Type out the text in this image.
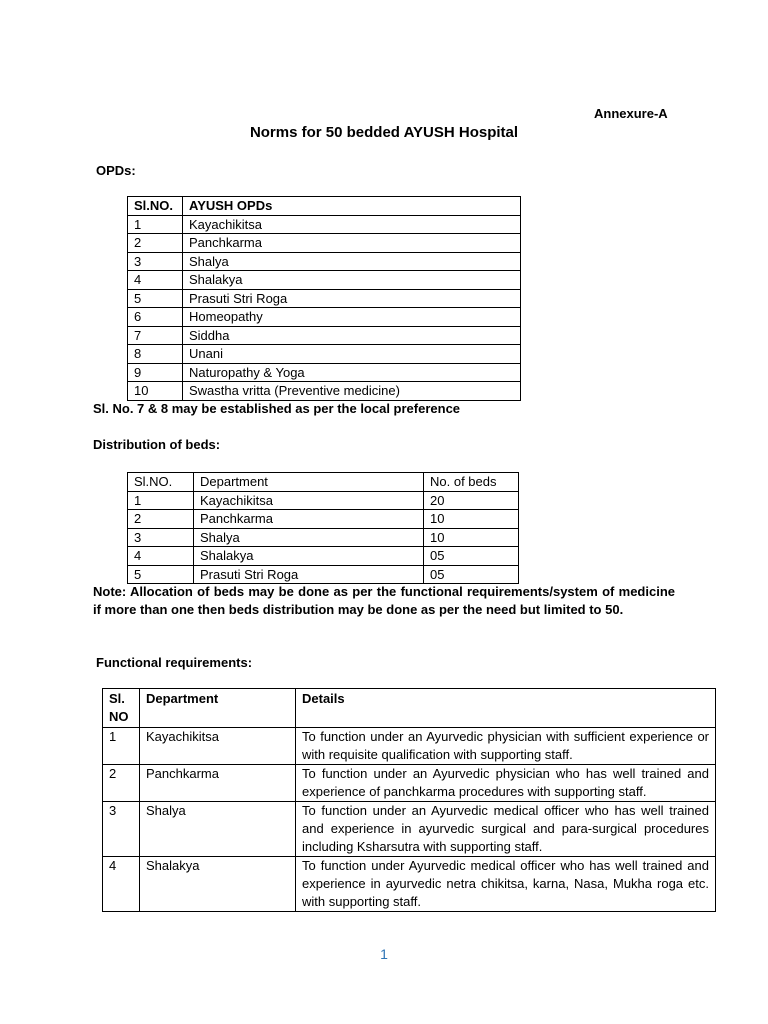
Annexure-A
Norms for 50 bedded AYUSH Hospital
OPDs:
Sl.NO.	AYUSH OPDs
1	Kayachikitsa
2	Panchkarma
3	Shalya
4	Shalakya
5	Prasuti Stri Roga
6	Homeopathy
7	Siddha
8	Unani
9	Naturopathy & Yoga
10	Swastha vritta (Preventive medicine)
Sl. No. 7 & 8 may be established as per the local preference
Distribution of beds:
Sl.NO.	Department	No. of beds
1	Kayachikitsa	20
2	Panchkarma	10
3	Shalya	10
4	Shalakya	05
5	Prasuti Stri Roga	05
Note: Allocation of beds may be done as per the functional requirements/system of medicine if more than one then beds distribution may be done as per the need but limited to 50.
Functional requirements:
Sl. NO	Department	Details
1	Kayachikitsa	To function under an Ayurvedic physician with sufficient experience or with requisite qualification with supporting staff.
2	Panchkarma	To function under an Ayurvedic physician who has well trained and experience of panchkarma procedures with supporting staff.
3	Shalya	To function under an Ayurvedic medical officer who has well trained and experience in ayurvedic surgical and para-surgical procedures including Ksharsutra with supporting staff.
4	Shalakya	To function under Ayurvedic medical officer who has well trained and experience in ayurvedic netra chikitsa, karna, Nasa, Mukha roga etc. with supporting staff.
1
